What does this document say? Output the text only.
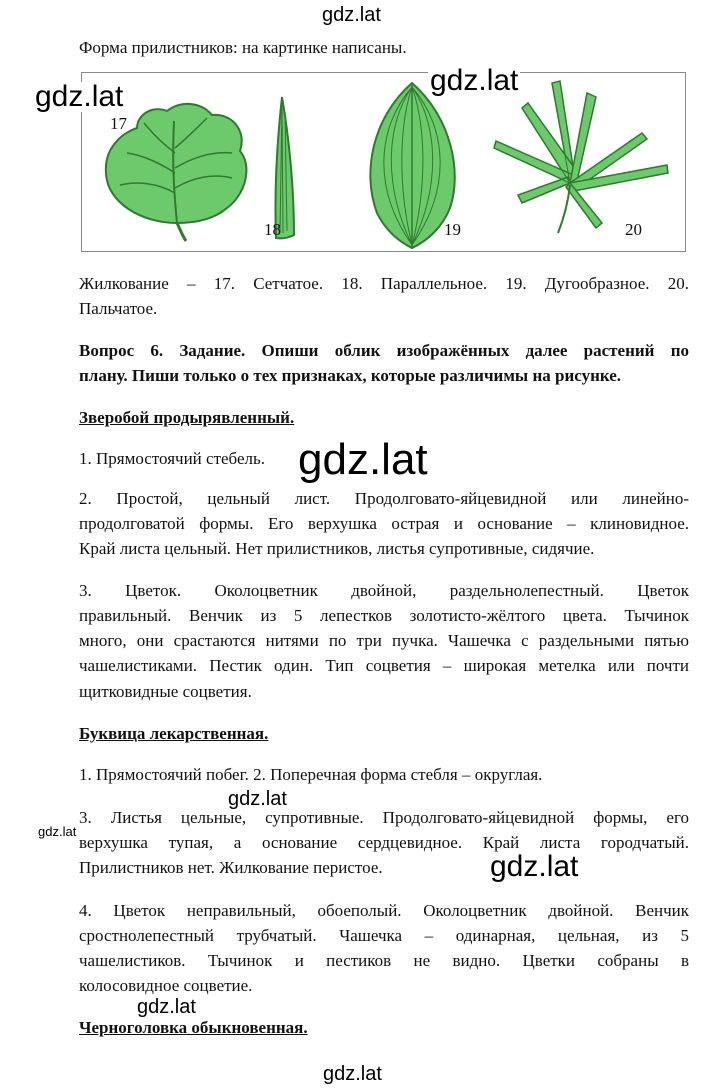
gdz.lat
Форма прилистников: на картинке написаны.
17
18	19	20
gdz.lat	gdz.lat
Жилкование – 17. Сетчатое. 18. Параллельное. 19. Дугообразное. 20.
Пальчатое.
Вопрос 6. Задание. Опиши облик изображённых далее растений по
плану. Пиши только о тех признаках, которые различимы на рисунке.
Зверобой продырявленный.
1. Прямостоячий стебель. gdz.lat
2. Простой, цельный лист. Продолговато-яйцевидной или линейно-
продолговатой формы. Его верхушка острая и основание – клиновидное.
Край листа цельный. Нет прилистников, листья супротивные, сидячие.
3. Цветок. Околоцветник двойной, раздельнолепестный. Цветок
правильный. Венчик из 5 лепестков золотисто-жёлтого цвета. Тычинок
много, они срастаются нитями по три пучка. Чашечка с раздельными пятью
чашелистиками. Пестик один. Тип соцветия – широкая метелка или почти
щитковидные соцветия.
Буквица лекарственная.
1. Прямостоячий побег. 2. Поперечная форма стебля – округлая.
gdz.lat
gdz.lat
3. Листья цельные, супротивные. Продолговато-яйцевидной формы, его
верхушка тупая, а основание сердцевидное. Край листа городчатый.
Прилистников нет. Жилкование перистое.	gdz.lat
4. Цветок неправильный, обоеполый. Околоцветник двойной. Венчик
сростнолепестный трубчатый. Чашечка – одинарная, цельная, из 5
чашелистиков. Тычинок и пестиков не видно. Цветки собраны в
колосовидное соцветие.
gdz.lat
Черноголовка обыкновенная.
gdz.lat
